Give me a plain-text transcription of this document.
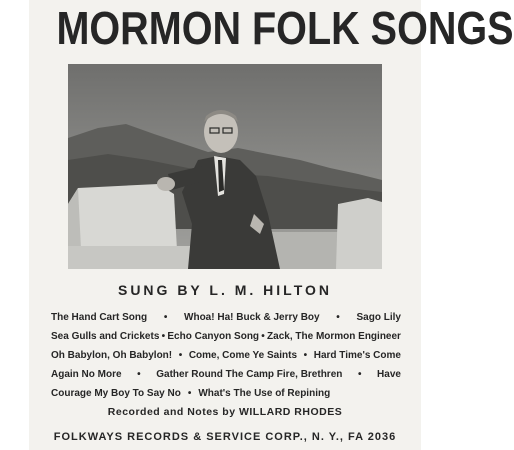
MORMON FOLK SONGS
SUNG BY L. M. HILTON
The Hand Cart Song • Whoa! Ha! Buck & Jerry Boy • Sago Lily
Sea Gulls and Crickets • Echo Canyon Song • Zack, The Mormon Engineer
Oh Babylon, Oh Babylon! • Come, Come Ye Saints • Hard Time's Come
Again No More • Gather Round The Camp Fire, Brethren • Have
Courage My Boy To Say No • What's The Use of Repining
Recorded and Notes by WILLARD RHODES
FOLKWAYS RECORDS & SERVICE CORP., N. Y., FA 2036
